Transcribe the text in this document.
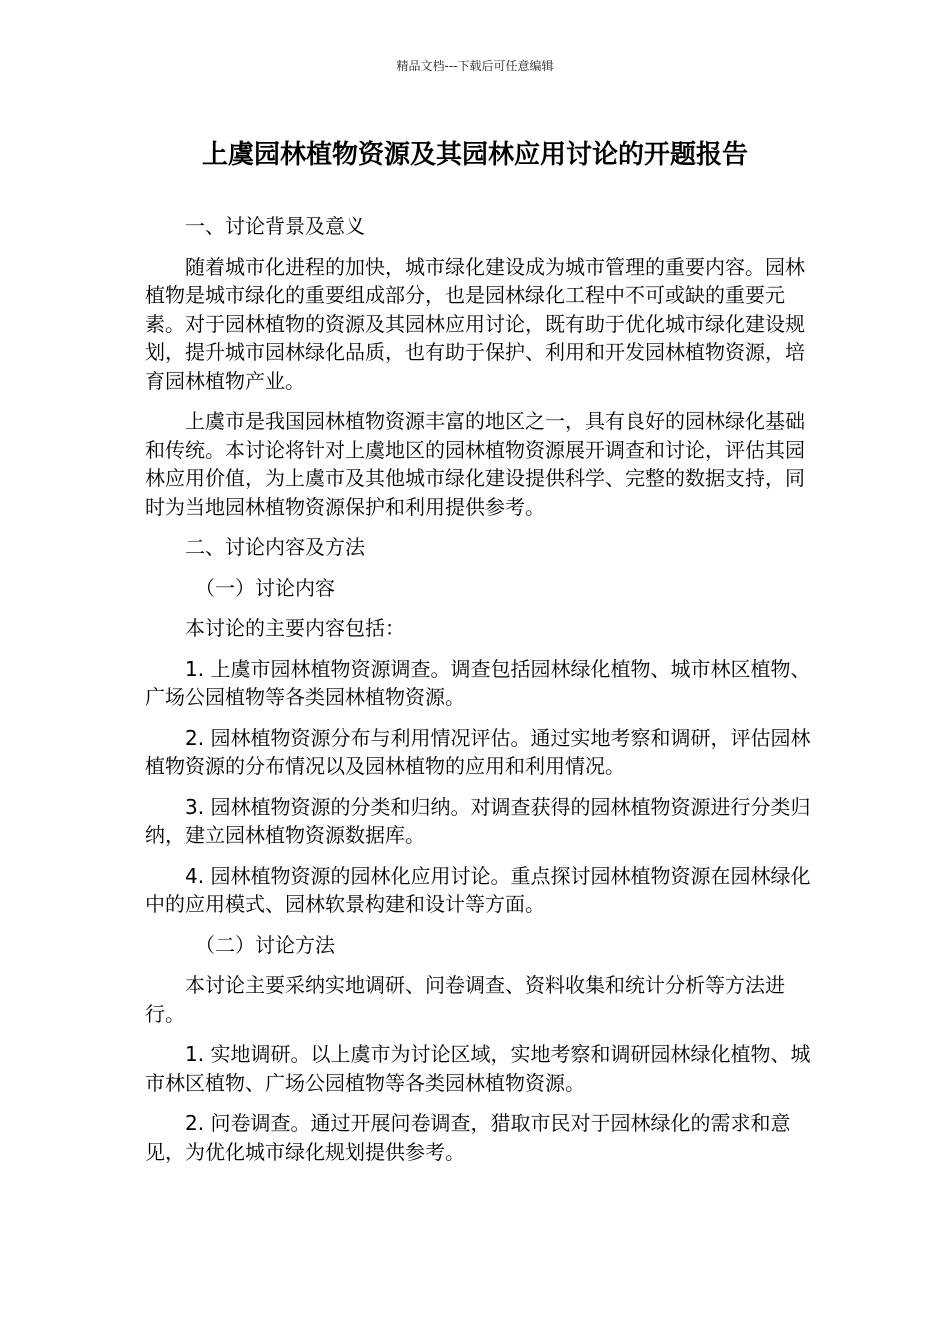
精品文档---下载后可任意编辑
上虞园林植物资源及其园林应用讨论的开题报告

一、讨论背景及意义

随着城市化进程的加快，城市绿化建设成为城市管理的重要内容。园林植物是城市绿化的重要组成部分，也是园林绿化工程中不可或缺的重要元素。对于园林植物的资源及其园林应用讨论，既有助于优化城市绿化建设规划，提升城市园林绿化品质，也有助于保护、利用和开发园林植物资源，培育园林植物产业。

上虞市是我国园林植物资源丰富的地区之一，具有良好的园林绿化基础和传统。本讨论将针对上虞地区的园林植物资源展开调查和讨论，评估其园林应用价值，为上虞市及其他城市绿化建设提供科学、完整的数据支持，同时为当地园林植物资源保护和利用提供参考。

二、讨论内容及方法

（一）讨论内容

本讨论的主要内容包括：

1. 上虞市园林植物资源调查。调查包括园林绿化植物、城市林区植物、广场公园植物等各类园林植物资源。

2. 园林植物资源分布与利用情况评估。通过实地考察和调研，评估园林植物资源的分布情况以及园林植物的应用和利用情况。

3. 园林植物资源的分类和归纳。对调查获得的园林植物资源进行分类归纳，建立园林植物资源数据库。

4. 园林植物资源的园林化应用讨论。重点探讨园林植物资源在园林绿化中的应用模式、园林软景构建和设计等方面。

（二）讨论方法

本讨论主要采纳实地调研、问卷调查、资料收集和统计分析等方法进行。

1. 实地调研。以上虞市为讨论区域，实地考察和调研园林绿化植物、城市林区植物、广场公园植物等各类园林植物资源。

2. 问卷调查。通过开展问卷调查，猎取市民对于园林绿化的需求和意见，为优化城市绿化规划提供参考。
